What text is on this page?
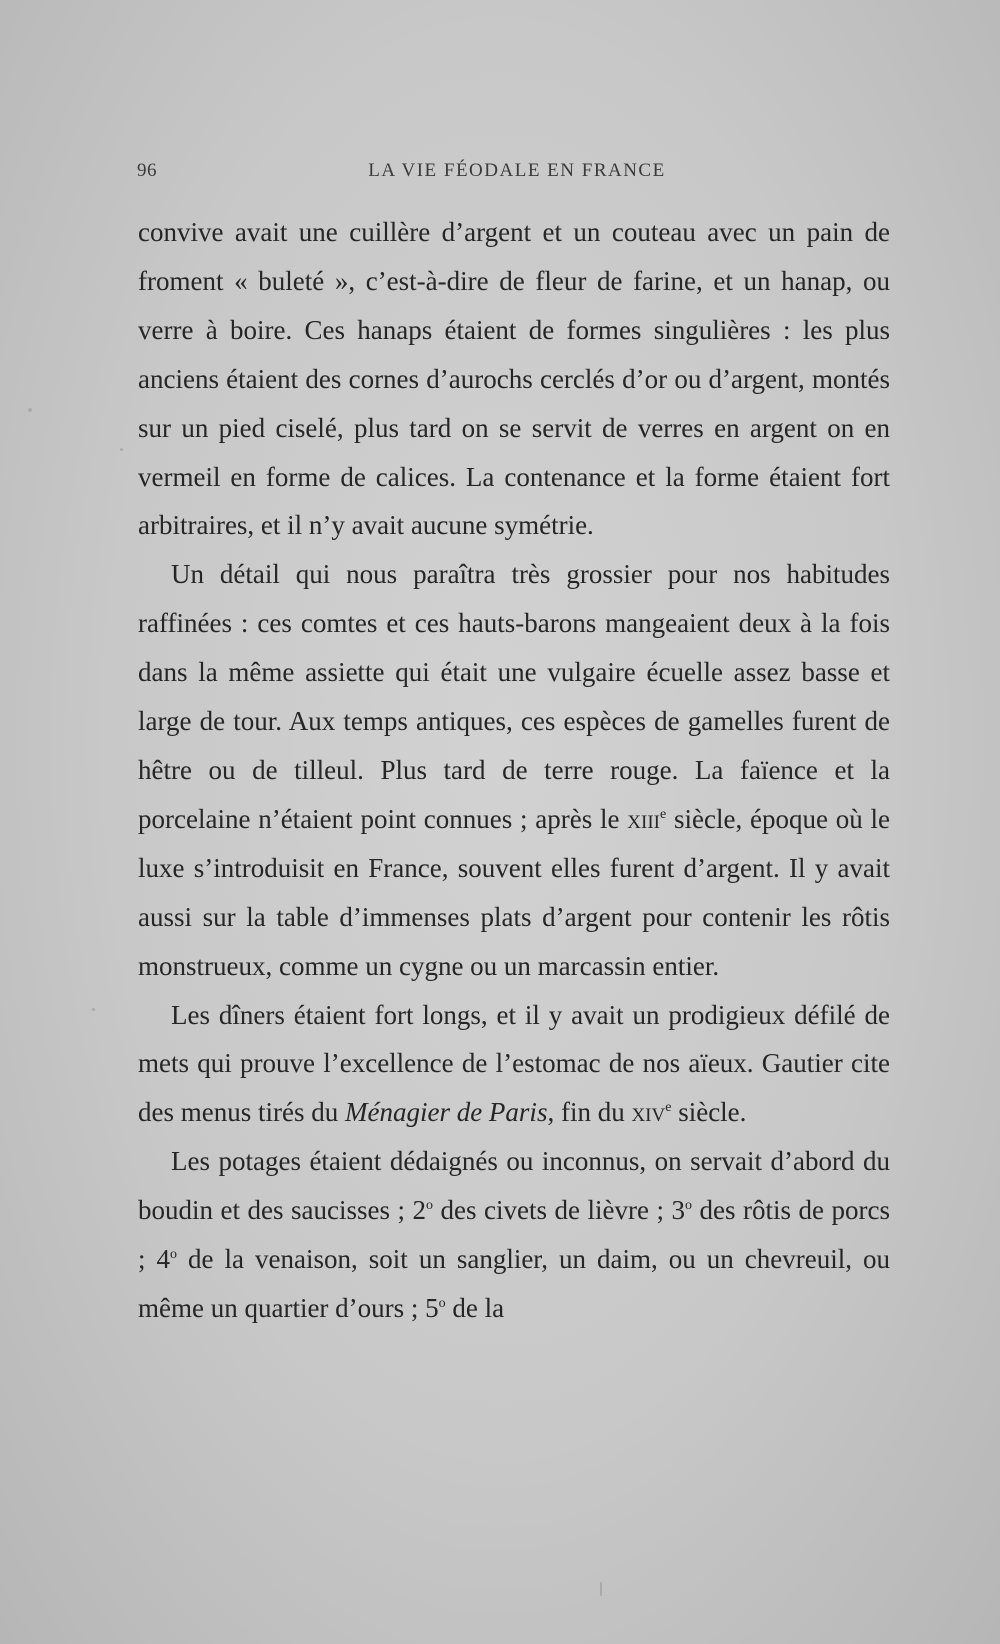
96	LA VIE FÉODALE EN FRANCE

convive avait une cuillère d’argent et un couteau avec un pain de froment « buleté », c’est-à-dire de fleur de farine, et un hanap, ou verre à boire. Ces hanaps étaient de formes singulières : les plus anciens étaient des cornes d’aurochs cerclés d’or ou d’argent, montés sur un pied ciselé, plus tard on se servit de verres en argent on en vermeil en forme de calices. La contenance et la forme étaient fort arbitraires, et il n’y avait aucune symétrie.

Un détail qui nous paraîtra très grossier pour nos habitudes raffinées : ces comtes et ces hauts-barons mangeaient deux à la fois dans la même assiette qui était une vulgaire écuelle assez basse et large de tour. Aux temps antiques, ces espèces de gamelles furent de hêtre ou de tilleul. Plus tard de terre rouge. La faïence et la porcelaine n’étaient point connues ; après le xiii$^e$ siècle, époque où le luxe s’introduisit en France, souvent elles furent d’argent. Il y avait aussi sur la table d’immenses plats d’argent pour contenir les rôtis monstrueux, comme un cygne ou un marcassin entier.

Les dîners étaient fort longs, et il y avait un prodigieux défilé de mets qui prouve l’excellence de l’estomac de nos aïeux. Gautier cite des menus tirés du Ménagier de Paris, fin du xiv$^e$ siècle.

Les potages étaient dédaignés ou inconnus, on servait d’abord du boudin et des saucisses ; 2$^o$ des civets de lièvre ; 3$^o$ des rôtis de porcs ; 4$^o$ de la venaison, soit un sanglier, un daim, ou un chevreuil, ou même un quartier d’ours ; 5$^o$ de la
